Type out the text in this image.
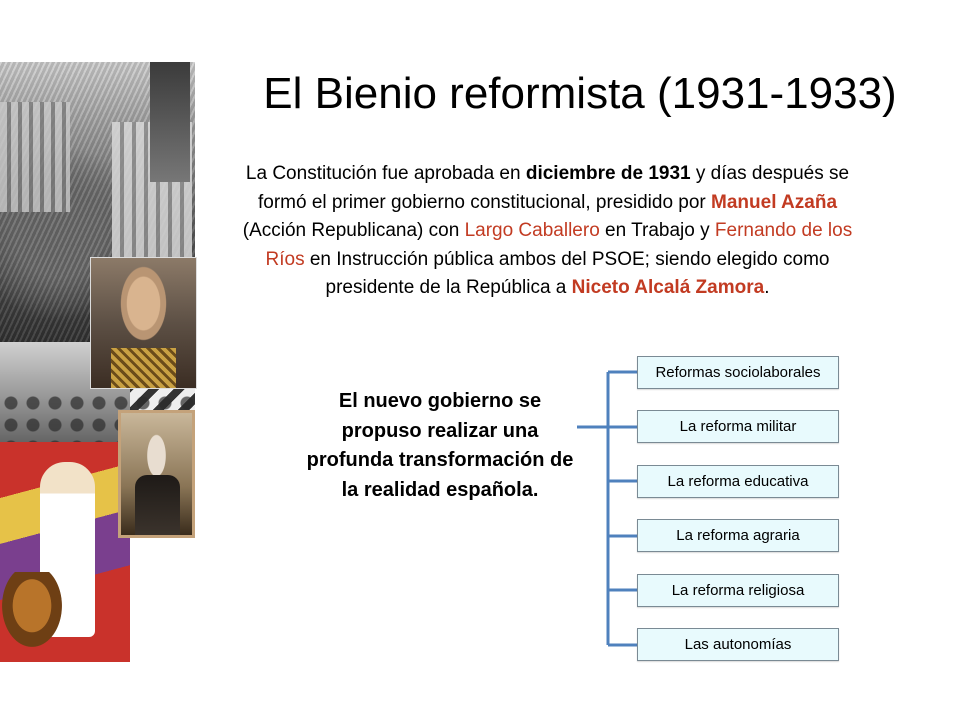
El Bienio reformista (1931-1933)
La Constitución fue aprobada en diciembre de 1931 y días después se formó el primer gobierno constitucional, presidido por Manuel Azaña (Acción Republicana) con Largo Caballero en Trabajo y Fernando de los Ríos en Instrucción pública ambos del PSOE; siendo elegido como presidente de la República a Niceto Alcalá Zamora.
El nuevo gobierno se propuso realizar una profunda transformación de la realidad española.
Reformas sociolaborales
La reforma militar
La reforma educativa
La reforma agraria
La reforma religiosa
Las autonomías
